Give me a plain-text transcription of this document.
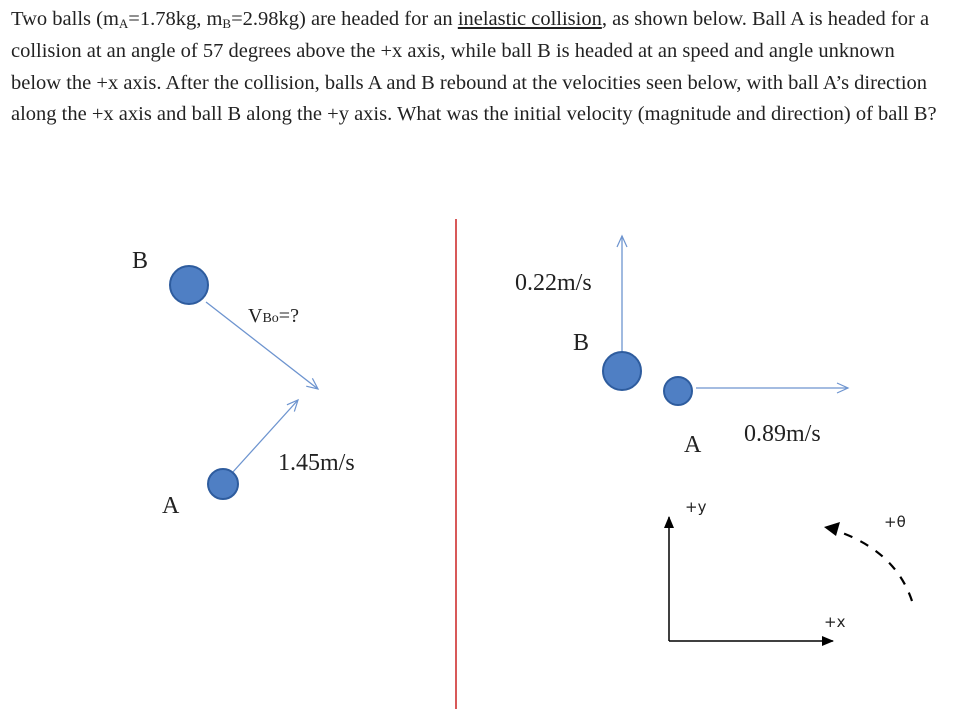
Two balls ($m_A=1.78kg$, $m_B=2.98kg$) are headed for an inelastic collision, as shown below. Ball A is headed for a collision at an angle of 57 degrees above the +x axis, while ball B is headed at an speed and angle unknown below the +x axis. After the collision, balls A and B rebound at the velocities seen below, with ball A’s direction along the +x axis and ball B along the +y axis. What was the initial velocity (magnitude and direction) of ball B?
B
VBo=?
1.45m/s
A
0.22m/s
B
0.89m/s
A
+y
+x
+θ
